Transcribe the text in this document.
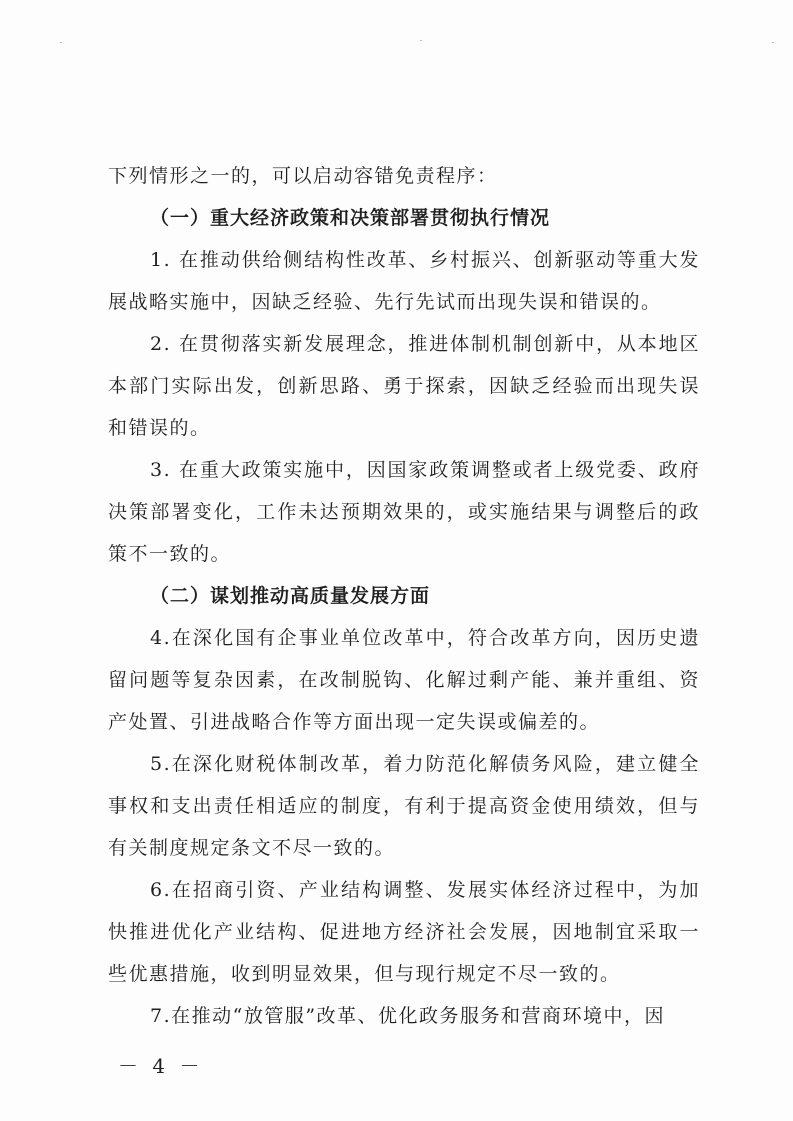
下列情形之一的，可以启动容错免责程序：

（一）重大经济政策和决策部署贯彻执行情况

1. 在推动供给侧结构性改革、乡村振兴、创新驱动等重大发展战略实施中，因缺乏经验、先行先试而出现失误和错误的。

2. 在贯彻落实新发展理念，推进体制机制创新中，从本地区本部门实际出发，创新思路、勇于探索，因缺乏经验而出现失误和错误的。

3. 在重大政策实施中，因国家政策调整或者上级党委、政府决策部署变化，工作未达预期效果的，或实施结果与调整后的政策不一致的。

（二）谋划推动高质量发展方面

4.在深化国有企事业单位改革中，符合改革方向，因历史遗留问题等复杂因素，在改制脱钩、化解过剩产能、兼并重组、资产处置、引进战略合作等方面出现一定失误或偏差的。

5.在深化财税体制改革，着力防范化解债务风险，建立健全事权和支出责任相适应的制度，有利于提高资金使用绩效，但与有关制度规定条文不尽一致的。

6.在招商引资、产业结构调整、发展实体经济过程中，为加快推进优化产业结构、促进地方经济社会发展，因地制宜采取一些优惠措施，收到明显效果，但与现行规定不尽一致的。

7.在推动“放管服”改革、优化政务服务和营商环境中，因

－ 4 －
